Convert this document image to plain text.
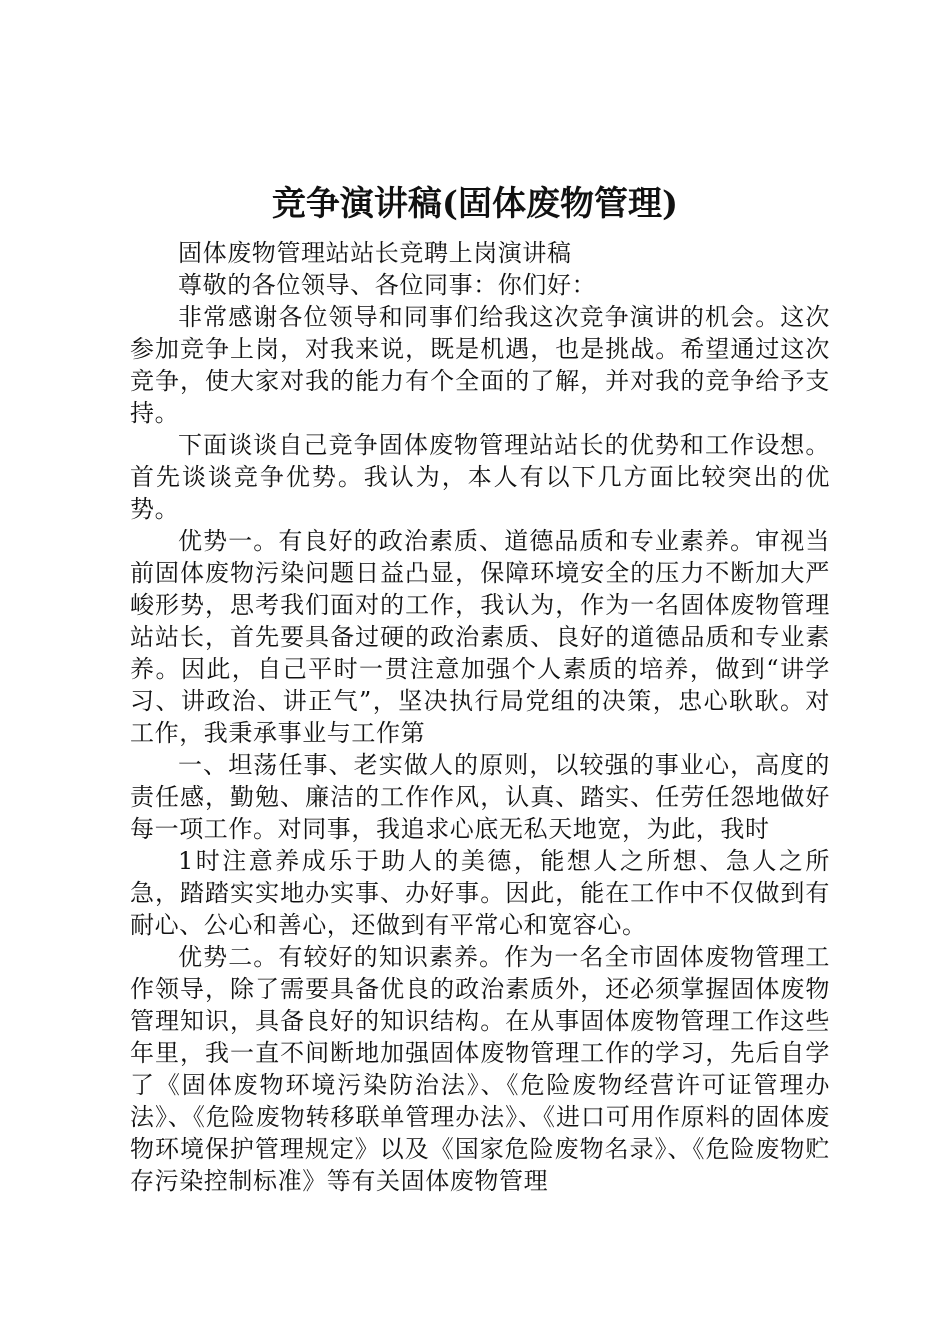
竞争演讲稿(固体废物管理)

固体废物管理站站长竞聘上岗演讲稿

尊敬的各位领导、各位同事：你们好：

非常感谢各位领导和同事们给我这次竞争演讲的机会。这次参加竞争上岗，对我来说，既是机遇，也是挑战。希望通过这次竞争，使大家对我的能力有个全面的了解，并对我的竞争给予支持。

下面谈谈自己竞争固体废物管理站站长的优势和工作设想。首先谈谈竞争优势。我认为，本人有以下几方面比较突出的优势。

优势一。有良好的政治素质、道德品质和专业素养。审视当前固体废物污染问题日益凸显，保障环境安全的压力不断加大严峻形势，思考我们面对的工作，我认为，作为一名固体废物管理站站长，首先要具备过硬的政治素质、良好的道德品质和专业素养。因此，自己平时一贯注意加强个人素质的培养，做到“讲学习、讲政治、讲正气”，坚决执行局党组的决策，忠心耿耿。对工作，我秉承事业与工作第

一、坦荡任事、老实做人的原则，以较强的事业心，高度的责任感，勤勉、廉洁的工作作风，认真、踏实、任劳任怨地做好每一项工作。对同事，我追求心底无私天地宽，为此，我时

1时注意养成乐于助人的美德，能想人之所想、急人之所急，踏踏实实地办实事、办好事。因此，能在工作中不仅做到有耐心、公心和善心，还做到有平常心和宽容心。

优势二。有较好的知识素养。作为一名全市固体废物管理工作领导，除了需要具备优良的政治素质外，还必须掌握固体废物管理知识，具备良好的知识结构。在从事固体废物管理工作这些年里，我一直不间断地加强固体废物管理工作的学习，先后自学了《固体废物环境污染防治法》、《危险废物经营许可证管理办法》、《危险废物转移联单管理办法》、《进口可用作原料的固体废物环境保护管理规定》以及《国家危险废物名录》、《危险废物贮存污染控制标准》等有关固体废物管理
